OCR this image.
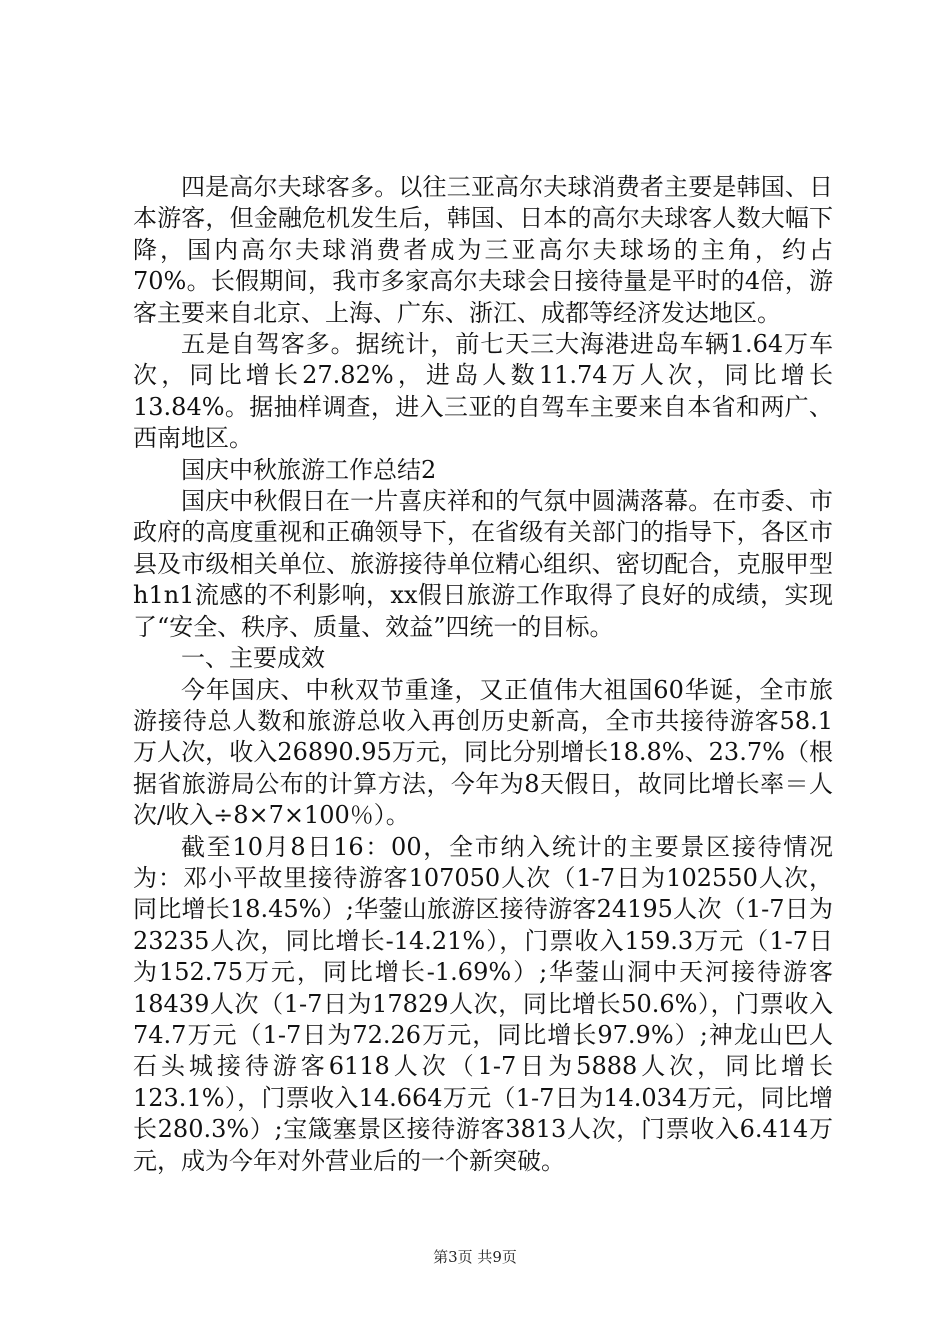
四是高尔夫球客多。以往三亚高尔夫球消费者主要是韩国、日本游客，但金融危机发生后，韩国、日本的高尔夫球客人数大幅下降，国内高尔夫球消费者成为三亚高尔夫球场的主角，约占70%。长假期间，我市多家高尔夫球会日接待量是平时的4倍，游客主要来自北京、上海、广东、浙江、成都等经济发达地区。

五是自驾客多。据统计，前七天三大海港进岛车辆1.64万车次，同比增长27.82%，进岛人数11.74万人次，同比增长13.84%。据抽样调查，进入三亚的自驾车主要来自本省和两广、西南地区。

国庆中秋旅游工作总结2

国庆中秋假日在一片喜庆祥和的气氛中圆满落幕。在市委、市政府的高度重视和正确领导下，在省级有关部门的指导下，各区市县及市级相关单位、旅游接待单位精心组织、密切配合，克服甲型h1n1流感的不利影响，xx假日旅游工作取得了良好的成绩，实现了“安全、秩序、质量、效益”四统一的目标。

一、主要成效

今年国庆、中秋双节重逢，又正值伟大祖国60华诞，全市旅游接待总人数和旅游总收入再创历史新高，全市共接待游客58.1万人次，收入26890.95万元，同比分别增长18.8%、23.7%（根据省旅游局公布的计算方法，今年为8天假日，故同比增长率＝人次/收入÷8×7×100％）。

截至10月8日16：00，全市纳入统计的主要景区接待情况为：邓小平故里接待游客107050人次（1-7日为102550人次，同比增长18.45%）;华蓥山旅游区接待游客24195人次（1-7日为23235人次，同比增长-14.21%），门票收入159.3万元（1-7日为152.75万元，同比增长-1.69%）;华蓥山洞中天河接待游客18439人次（1-7日为17829人次，同比增长50.6%），门票收入74.7万元（1-7日为72.26万元，同比增长97.9%）;神龙山巴人石头城接待游客6118人次（1-7日为5888人次，同比增长123.1%），门票收入14.664万元（1-7日为14.034万元，同比增长280.3%）;宝箴塞景区接待游客3813人次，门票收入6.414万元，成为今年对外营业后的一个新突破。

第3页 共9页
